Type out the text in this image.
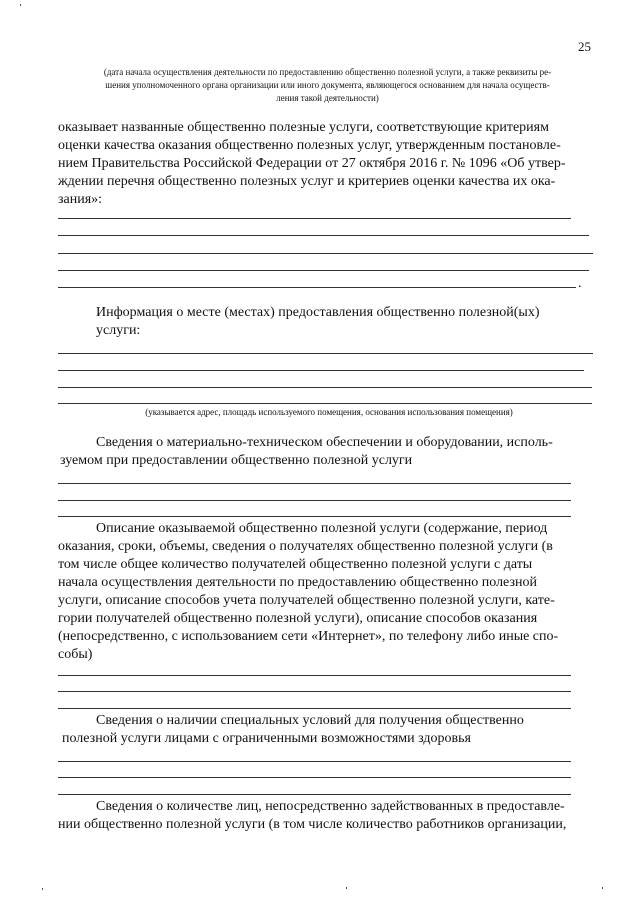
25
(дата начала осуществления деятельности по предоставлению общественно полезной услуги, а также реквизиты ре-
шения уполномоченного органа организации или иного документа, являющегося основанием для начала осуществ-
ления такой деятельности)
оказывает названные общественно полезные услуги, соответствующие критериям
оценки качества оказания общественно полезных услуг, утвержденным постановле-
нием Правительства Российской Федерации от 27 октября 2016 г. № 1096 «Об утвер-
ждении перечня общественно полезных услуг и критериев оценки качества их ока-
зания»:
.
Информация о месте (местах) предоставления общественно полезной(ых)
услуги:
(указывается адрес, площадь используемого помещения, основания использования помещения)
Сведения о материально-техническом обеспечении и оборудовании, исполь-
зуемом при предоставлении общественно полезной услуги
Описание оказываемой общественно полезной услуги (содержание, период
оказания, сроки, объемы, сведения о получателях общественно полезной услуги (в
том числе общее количество получателей общественно полезной услуги с даты
начала осуществления деятельности по предоставлению общественно полезной
услуги, описание способов учета получателей общественно полезной услуги, кате-
гории получателей общественно полезной услуги), описание способов оказания
(непосредственно, с использованием сети «Интернет», по телефону либо иные спо-
собы)
Сведения о наличии специальных условий для получения общественно
полезной услуги лицами с ограниченными возможностями здоровья
Сведения о количестве лиц, непосредственно задействованных в предоставле-
нии общественно полезной услуги (в том числе количество работников организации,
